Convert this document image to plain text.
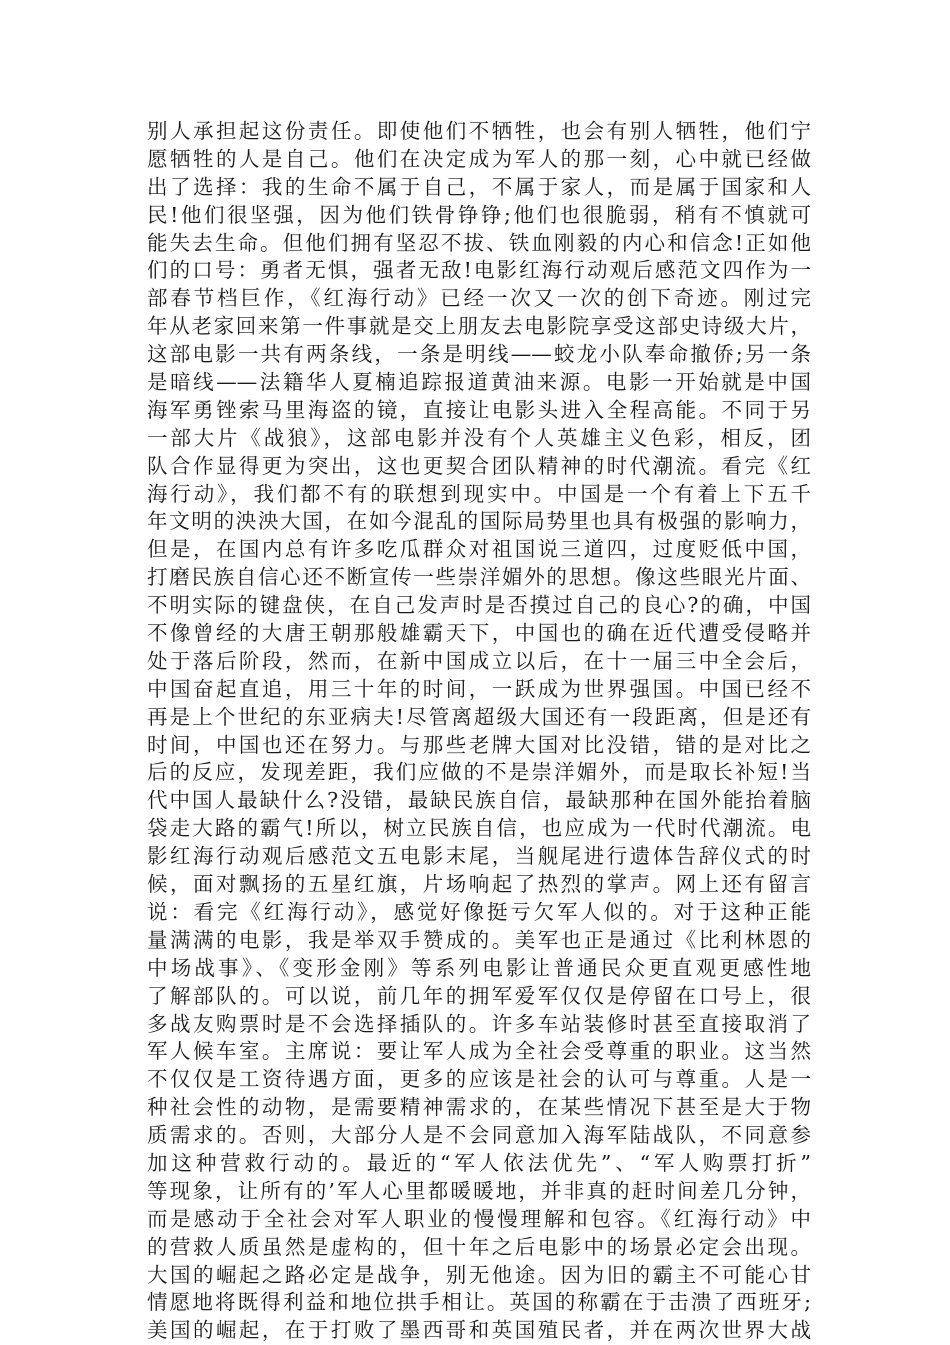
别人承担起这份责任。即使他们不牺牲，也会有别人牺牲，他们宁
愿牺牲的人是自己。他们在决定成为军人的那一刻，心中就已经做
出了选择：我的生命不属于自己，不属于家人，而是属于国家和人
民!他们很坚强，因为他们铁骨铮铮;他们也很脆弱，稍有不慎就可
能失去生命。但他们拥有坚忍不拔、铁血刚毅的内心和信念!正如他
们的口号：勇者无惧，强者无敌!电影红海行动观后感范文四作为一
部春节档巨作，《红海行动》已经一次又一次的创下奇迹。刚过完
年从老家回来第一件事就是交上朋友去电影院享受这部史诗级大片，
这部电影一共有两条线，一条是明线——蛟龙小队奉命撤侨;另一条
是暗线——法籍华人夏楠追踪报道黄油来源。电影一开始就是中国
海军勇锉索马里海盗的镜，直接让电影头进入全程高能。不同于另
一部大片《战狼》，这部电影并没有个人英雄主义色彩，相反，团
队合作显得更为突出，这也更契合团队精神的时代潮流。看完《红
海行动》，我们都不有的联想到现实中。中国是一个有着上下五千
年文明的泱泱大国，在如今混乱的国际局势里也具有极强的影响力，
但是，在国内总有许多吃瓜群众对祖国说三道四，过度贬低中国，
打磨民族自信心还不断宣传一些崇洋媚外的思想。像这些眼光片面、
不明实际的键盘侠，在自己发声时是否摸过自己的良心?的确，中国
不像曾经的大唐王朝那般雄霸天下，中国也的确在近代遭受侵略并
处于落后阶段，然而，在新中国成立以后，在十一届三中全会后，
中国奋起直追，用三十年的时间，一跃成为世界强国。中国已经不
再是上个世纪的东亚病夫!尽管离超级大国还有一段距离，但是还有
时间，中国也还在努力。与那些老牌大国对比没错，错的是对比之
后的反应，发现差距，我们应做的不是崇洋媚外，而是取长补短!当
代中国人最缺什么?没错，最缺民族自信，最缺那种在国外能抬着脑
袋走大路的霸气!所以，树立民族自信，也应成为一代时代潮流。电
影红海行动观后感范文五电影末尾，当舰尾进行遗体告辞仪式的时
候，面对飘扬的五星红旗，片场响起了热烈的掌声。网上还有留言
说：看完《红海行动》，感觉好像挺亏欠军人似的。对于这种正能
量满满的电影，我是举双手赞成的。美军也正是通过《比利林恩的
中场战事》、《变形金刚》等系列电影让普通民众更直观更感性地
了解部队的。可以说，前几年的拥军爱军仅仅是停留在口号上，很
多战友购票时是不会选择插队的。许多车站装修时甚至直接取消了
军人候车室。主席说：要让军人成为全社会受尊重的职业。这当然
不仅仅是工资待遇方面，更多的应该是社会的认可与尊重。人是一
种社会性的动物，是需要精神需求的，在某些情况下甚至是大于物
质需求的。否则，大部分人是不会同意加入海军陆战队，不同意参
加这种营救行动的。最近的“军人依法优先”、“军人购票打折”
等现象，让所有的’军人心里都暖暖地，并非真的赶时间差几分钟，
而是感动于全社会对军人职业的慢慢理解和包容。《红海行动》中
的营救人质虽然是虚构的，但十年之后电影中的场景必定会出现。
大国的崛起之路必定是战争，别无他途。因为旧的霸主不可能心甘
情愿地将既得利益和地位拱手相让。英国的称霸在于击溃了西班牙;
美国的崛起，在于打败了墨西哥和英国殖民者，并在两次世界大战
